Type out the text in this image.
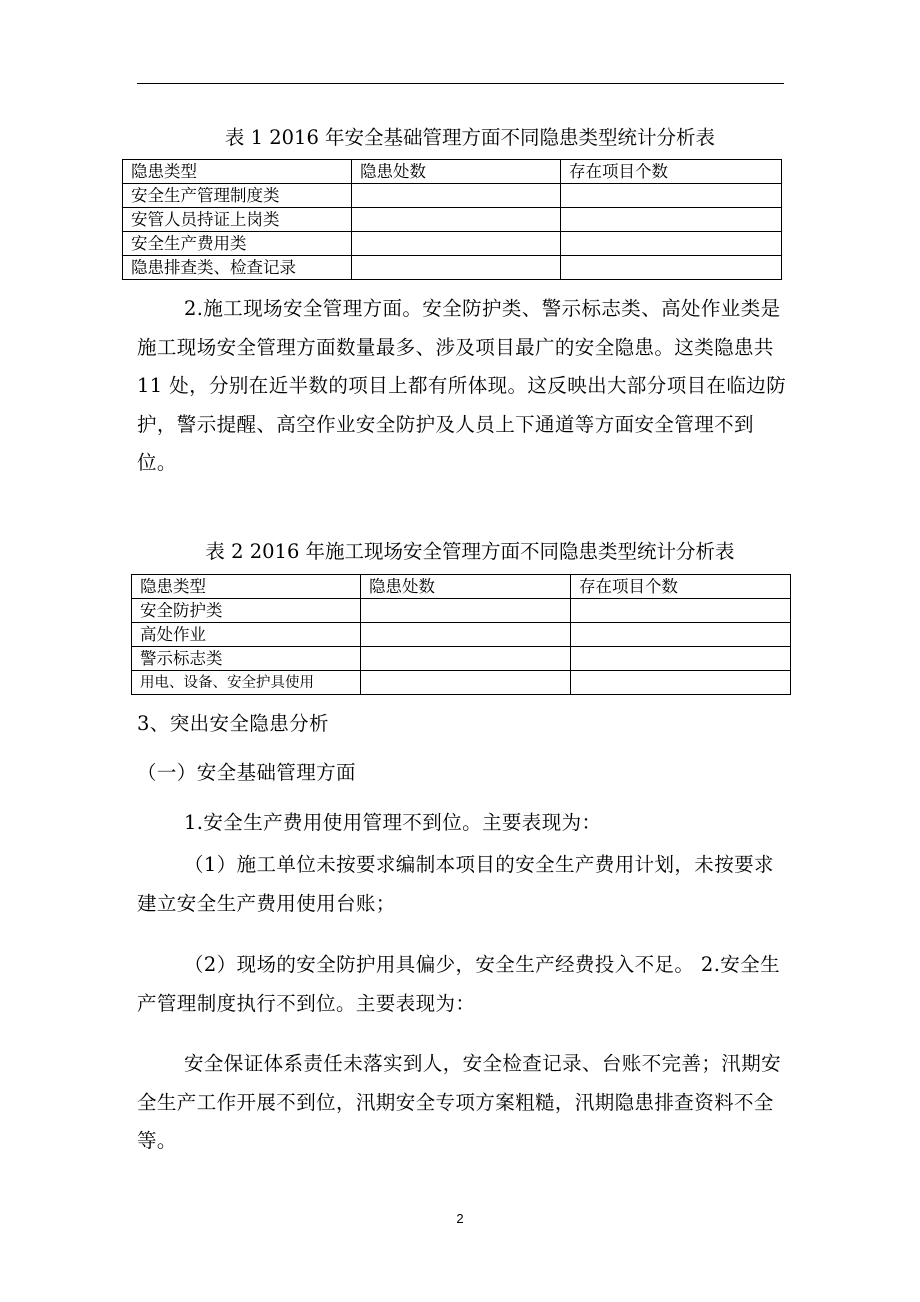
表 1 2016 年安全基础管理方面不同隐患类型统计分析表
隐患类型	隐患处数	存在项目个数
安全生产管理制度类		
安管人员持证上岗类		
安全生产费用类		
隐患排查类、检查记录		

2.施工现场安全管理方面。安全防护类、警示标志类、高处作业类是施工现场安全管理方面数量最多、涉及项目最广的安全隐患。这类隐患共 11 处，分别在近半数的项目上都有所体现。这反映出大部分项目在临边防护，警示提醒、高空作业安全防护及人员上下通道等方面安全管理不到位。

表 2 2016 年施工现场安全管理方面不同隐患类型统计分析表
隐患类型	隐患处数	存在项目个数
安全防护类		
高处作业		
警示标志类		
用电、设备、安全护具使用		
3、突出安全隐患分析
（一）安全基础管理方面
1.安全生产费用使用管理不到位。主要表现为：

（1）施工单位未按要求编制本项目的安全生产费用计划，未按要求建立安全生产费用使用台账；

（2）现场的安全防护用具偏少，安全生产经费投入不足。 2.安全生产管理制度执行不到位。主要表现为：

安全保证体系责任未落实到人，安全检查记录、台账不完善；汛期安全生产工作开展不到位，汛期安全专项方案粗糙，汛期隐患排查资料不全等。

2
